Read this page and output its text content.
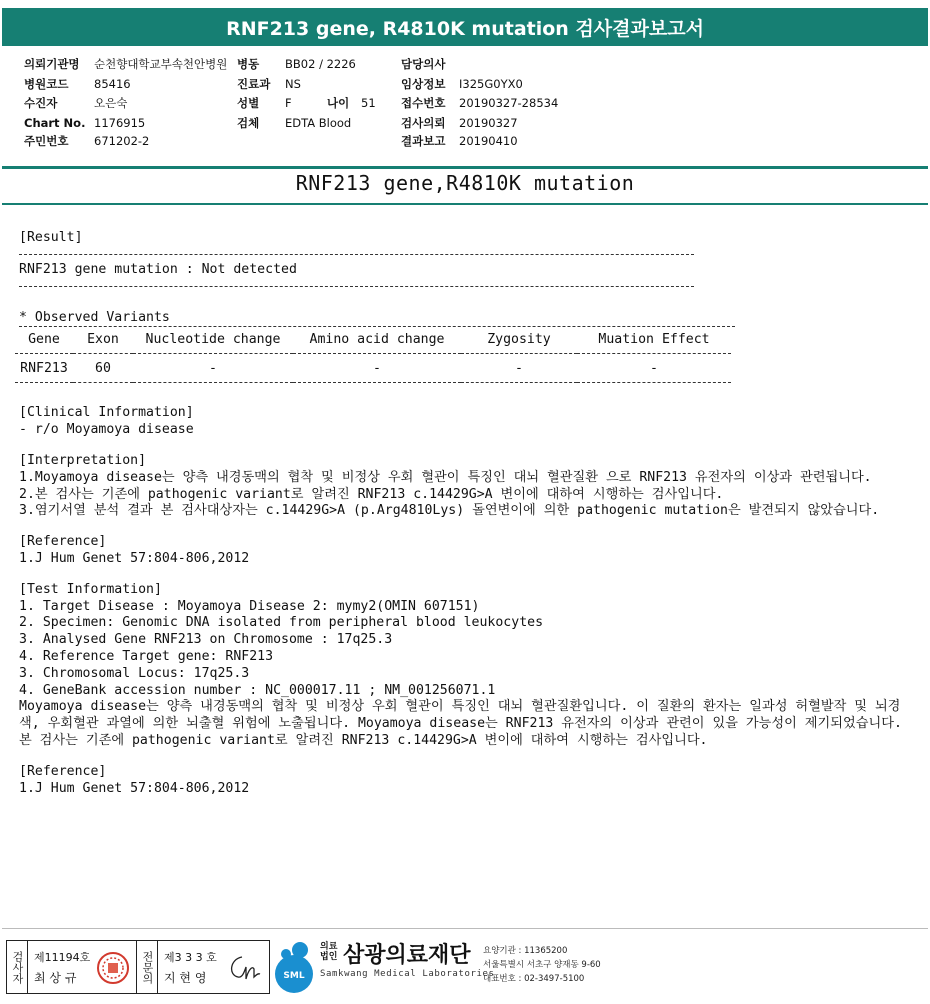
RNF213 gene, R4810K mutation 검사결과보고서
의뢰기관명 순천향대학교부속천안병원
병원코드 85416
수진자	오은숙
Chart No. 1176915
주민번호 671202-2
병동 BB02 / 2226
진료과 NS
성별 F	나이 51
검체 EDTA Blood
담당의사
임상정보 I325G0YX0
접수번호 20190327-28534
검사의뢰 20190327
결과보고 20190410
RNF213 gene,R4810K mutation
[Result]
RNF213 gene mutation : Not detected
* Observed Variants
Gene	Exon	Nucleotide change	Amino acid change	Zygosity	Muation Effect

RNF213	60	-	-	-	-

[Clinical Information]
- r/o Moyamoya disease
[Interpretation]
1.Moyamoya disease는 양측 내경동맥의 협착 및 비정상 우회 혈관이 특징인 대뇌 혈관질환 으로 RNF213 유전자의 이상과 관련됩니다.
2.본 검사는 기존에 pathogenic variant로 알려진 RNF213 c.14429G>A 변이에 대하여 시행하는 검사입니다.
3.염기서열 분석 결과 본 검사대상자는 c.14429G>A (p.Arg4810Lys) 돌연변이에 의한 pathogenic mutation은 발견되지 않았습니다.
[Reference]
1.J Hum Genet 57:804-806,2012
[Test Information]
1. Target Disease : Moyamoya Disease 2: mymy2(OMIN 607151)
2. Specimen: Genomic DNA isolated from peripheral blood leukocytes
3. Analysed Gene RNF213 on Chromosome : 17q25.3
4. Reference Target gene: RNF213
3. Chromosomal Locus: 17q25.3
4. GeneBank accession number : NC_000017.11 ; NM_001256071.1
Moyamoya disease는 양측 내경동맥의 협착 및 비정상 우회 혈관이 특징인 대뇌 혈관질환입니다. 이 질환의 환자는 일과성 허혈발작 및 뇌경색, 우회혈관 과열에 의한 뇌출혈 위험에 노출됩니다. Moyamoya disease는 RNF213 유전자의 이상과 관련이 있을 가능성이 제기되었습니다. 본 검사는 기존에 pathogenic variant로 알려진 RNF213 c.14429G>A 변이에 대하여 시행하는 검사입니다.
[Reference]
1.J Hum Genet 57:804-806,2012
검사자 제11194호
최 상 규	전문의 제3 3 3 호
지 현 영	SML
의료
법인 삼광의료재단
Samkwang Medical Laboratories
요양기관 : 11365200
서울특별시 서초구 양재동 9-60
대표번호 : 02-3497-5100
